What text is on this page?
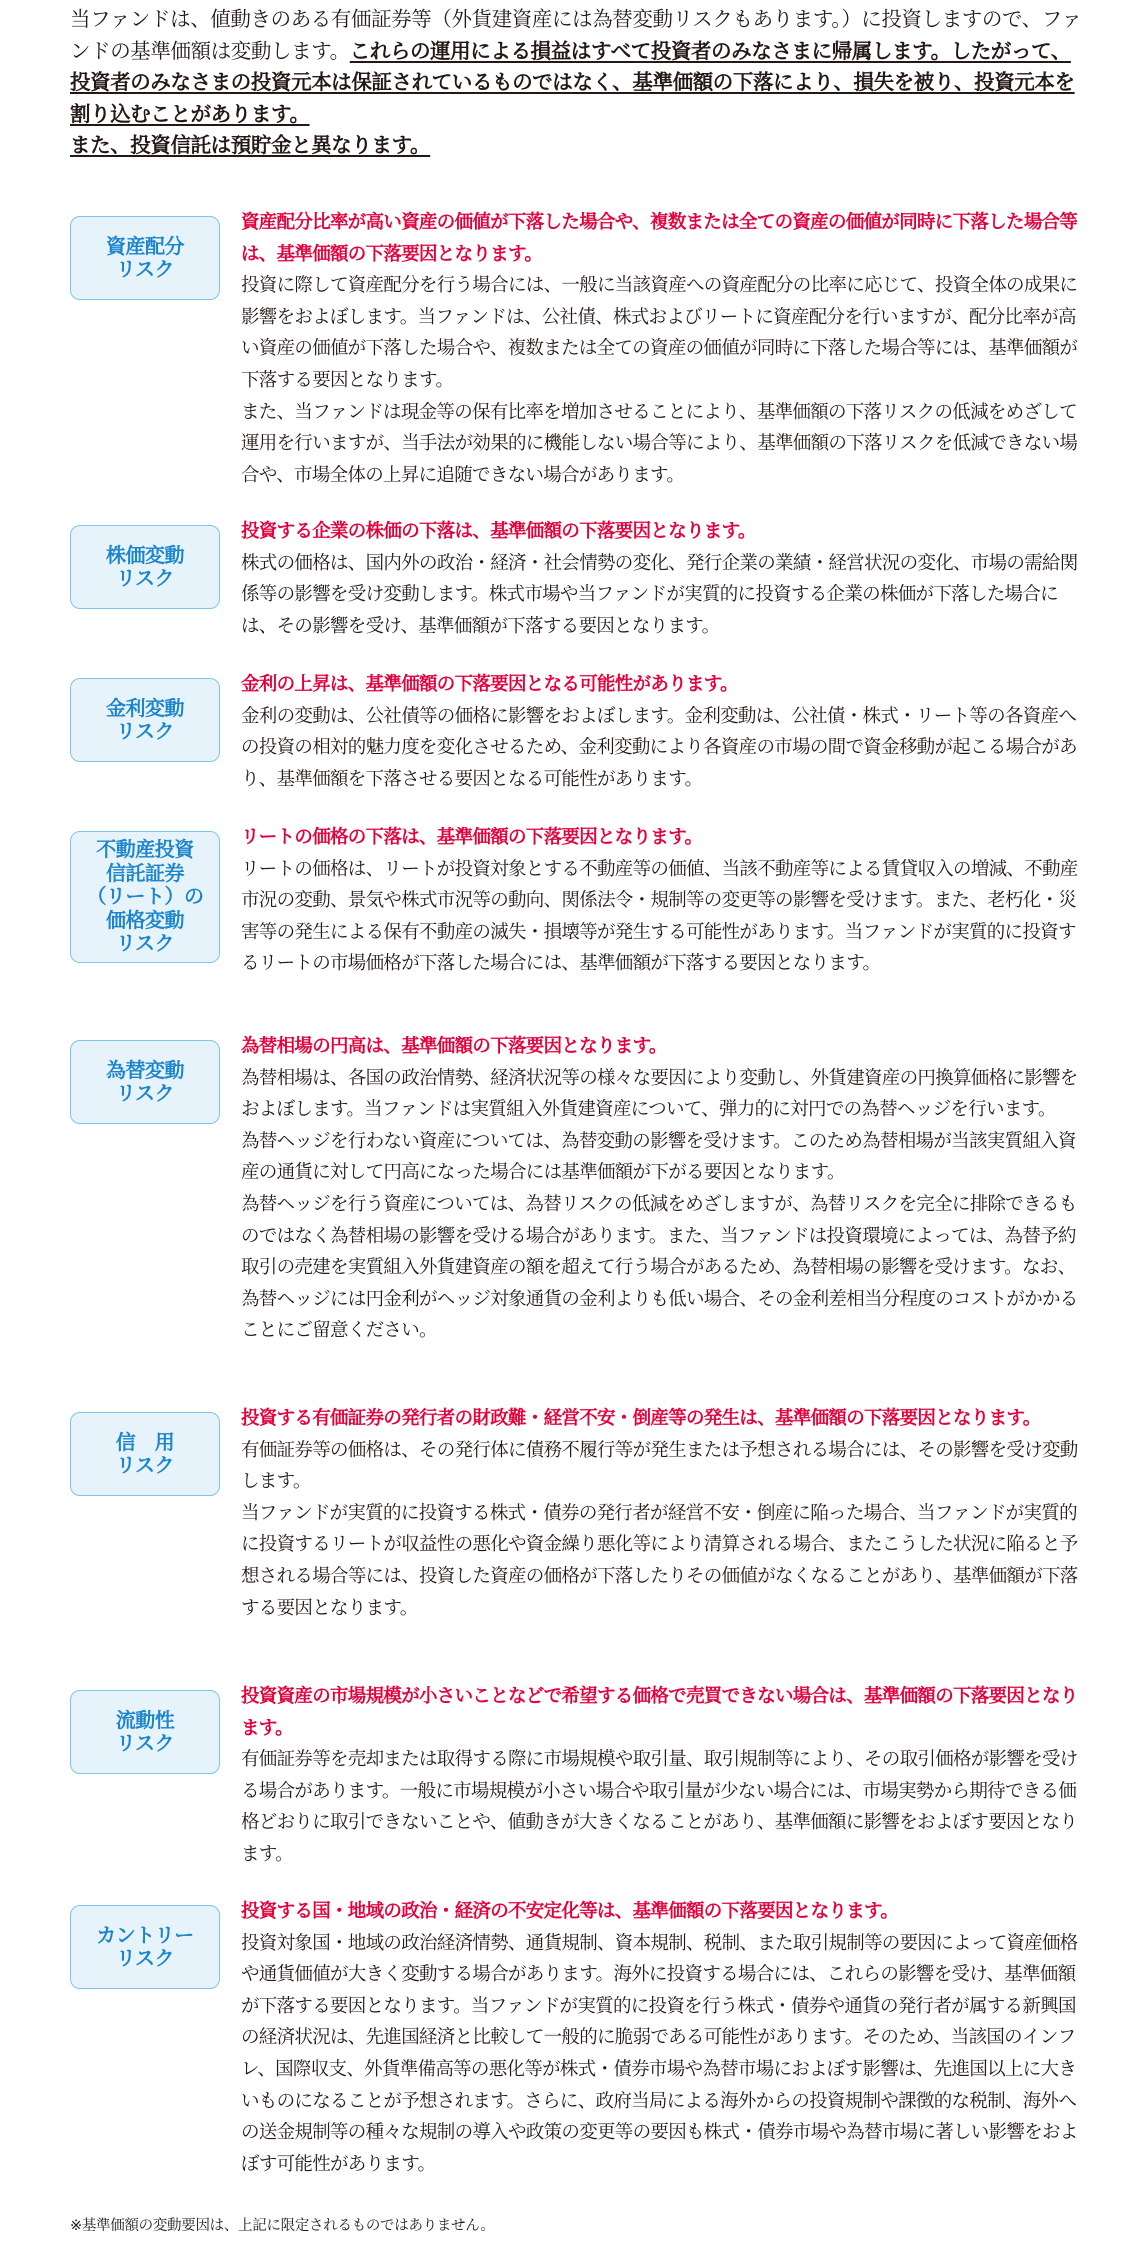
当ファンドは、値動きのある有価証券等（外貨建資産には為替変動リスクもあります。）に投資しますので、ファンドの基準価額は変動します。これらの運用による損益はすべて投資者のみなさまに帰属します。したがって、投資者のみなさまの投資元本は保証されているものではなく、基準価額の下落により、損失を被り、投資元本を割り込むことがあります。

また、投資信託は預貯金と異なります。

資産配分
リスク

資産配分比率が高い資産の価値が下落した場合や、複数または全ての資産の価値が同時に下落した場合等は、基準価額の下落要因となります。

投資に際して資産配分を行う場合には、一般に当該資産への資産配分の比率に応じて、投資全体の成果に影響をおよぼします。当ファンドは、公社債、株式およびリートに資産配分を行いますが、配分比率が高い資産の価値が下落した場合や、複数または全ての資産の価値が同時に下落した場合等には、基準価額が下落する要因となります。

また、当ファンドは現金等の保有比率を増加させることにより、基準価額の下落リスクの低減をめざして運用を行いますが、当手法が効果的に機能しない場合等により、基準価額の下落リスクを低減できない場合や、市場全体の上昇に追随できない場合があります。

株価変動
リスク

投資する企業の株価の下落は、基準価額の下落要因となります。

株式の価格は、国内外の政治・経済・社会情勢の変化、発行企業の業績・経営状況の変化、市場の需給関係等の影響を受け変動します。株式市場や当ファンドが実質的に投資する企業の株価が下落した場合には、その影響を受け、基準価額が下落する要因となります。

金利変動
リスク

金利の上昇は、基準価額の下落要因となる可能性があります。

金利の変動は、公社債等の価格に影響をおよぼします。金利変動は、公社債・株式・リート等の各資産への投資の相対的魅力度を変化させるため、金利変動により各資産の市場の間で資金移動が起こる場合があり、基準価額を下落させる要因となる可能性があります。

不動産投資
信託証券
（リート）の
価格変動
リスク

リートの価格の下落は、基準価額の下落要因となります。

リートの価格は、リートが投資対象とする不動産等の価値、当該不動産等による賃貸収入の増減、不動産市況の変動、景気や株式市況等の動向、関係法令・規制等の変更等の影響を受けます。また、老朽化・災害等の発生による保有不動産の滅失・損壊等が発生する可能性があります。当ファンドが実質的に投資するリートの市場価格が下落した場合には、基準価額が下落する要因となります。

為替変動
リスク

為替相場の円高は、基準価額の下落要因となります。

為替相場は、各国の政治情勢、経済状況等の様々な要因により変動し、外貨建資産の円換算価格に影響をおよぼします。当ファンドは実質組入外貨建資産について、弾力的に対円での為替ヘッジを行います。

為替ヘッジを行わない資産については、為替変動の影響を受けます。このため為替相場が当該実質組入資産の通貨に対して円高になった場合には基準価額が下がる要因となります。

為替ヘッジを行う資産については、為替リスクの低減をめざしますが、為替リスクを完全に排除できるものではなく為替相場の影響を受ける場合があります。また、当ファンドは投資環境によっては、為替予約取引の売建を実質組入外貨建資産の額を超えて行う場合があるため、為替相場の影響を受けます。なお、為替ヘッジには円金利がヘッジ対象通貨の金利よりも低い場合、その金利差相当分程度のコストがかかることにご留意ください。

信　用
リスク

投資する有価証券の発行者の財政難・経営不安・倒産等の発生は、基準価額の下落要因となります。

有価証券等の価格は、その発行体に債務不履行等が発生または予想される場合には、その影響を受け変動します。

当ファンドが実質的に投資する株式・債券の発行者が経営不安・倒産に陥った場合、当ファンドが実質的に投資するリートが収益性の悪化や資金繰り悪化等により清算される場合、またこうした状況に陥ると予想される場合等には、投資した資産の価格が下落したりその価値がなくなることがあり、基準価額が下落する要因となります。

流動性
リスク

投資資産の市場規模が小さいことなどで希望する価格で売買できない場合は、基準価額の下落要因となります。

有価証券等を売却または取得する際に市場規模や取引量、取引規制等により、その取引価格が影響を受ける場合があります。一般に市場規模が小さい場合や取引量が少ない場合には、市場実勢から期待できる価格どおりに取引できないことや、値動きが大きくなることがあり、基準価額に影響をおよぼす要因となります。

カントリー
リスク

投資する国・地域の政治・経済の不安定化等は、基準価額の下落要因となります。

投資対象国・地域の政治経済情勢、通貨規制、資本規制、税制、また取引規制等の要因によって資産価格や通貨価値が大きく変動する場合があります。海外に投資する場合には、これらの影響を受け、基準価額が下落する要因となります。当ファンドが実質的に投資を行う株式・債券や通貨の発行者が属する新興国の経済状況は、先進国経済と比較して一般的に脆弱である可能性があります。そのため、当該国のインフレ、国際収支、外貨準備高等の悪化等が株式・債券市場や為替市場におよぼす影響は、先進国以上に大きいものになることが予想されます。さらに、政府当局による海外からの投資規制や課徴的な税制、海外への送金規制等の種々な規制の導入や政策の変更等の要因も株式・債券市場や為替市場に著しい影響をおよぼす可能性があります。

※基準価額の変動要因は、上記に限定されるものではありません。
